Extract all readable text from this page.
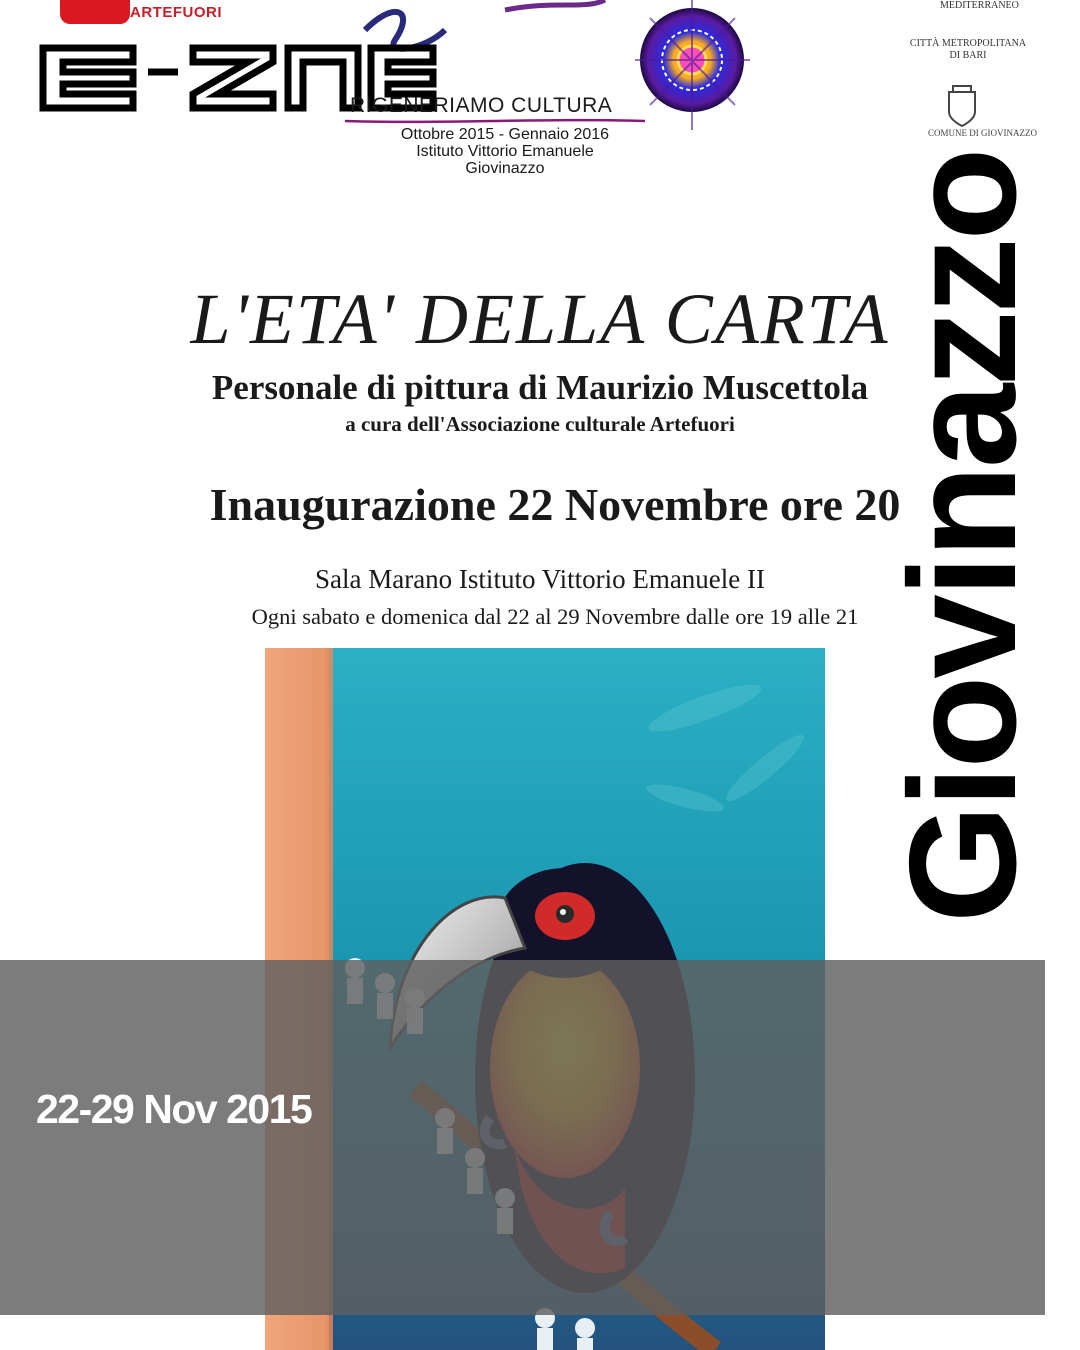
ARTEFUORI
RIGENERIAMO CULTURA
Ottobre 2015 - Gennaio 2016
Istituto Vittorio Emanuele
Giovinazzo
MEDITERRANEO
CITTÀ METROPOLITANA DI BARI
COMUNE DI GIOVINAZZO
L'ETA' DELLA CARTA
Personale di pittura di Maurizio Muscettola
a cura dell'Associazione culturale Artefuori
Inaugurazione 22 Novembre ore 20
Sala Marano Istituto Vittorio Emanuele II
Ogni sabato e domenica dal 22 al 29 Novembre dalle ore 19 alle 21
22-29 Nov 2015
Giovinazzo
